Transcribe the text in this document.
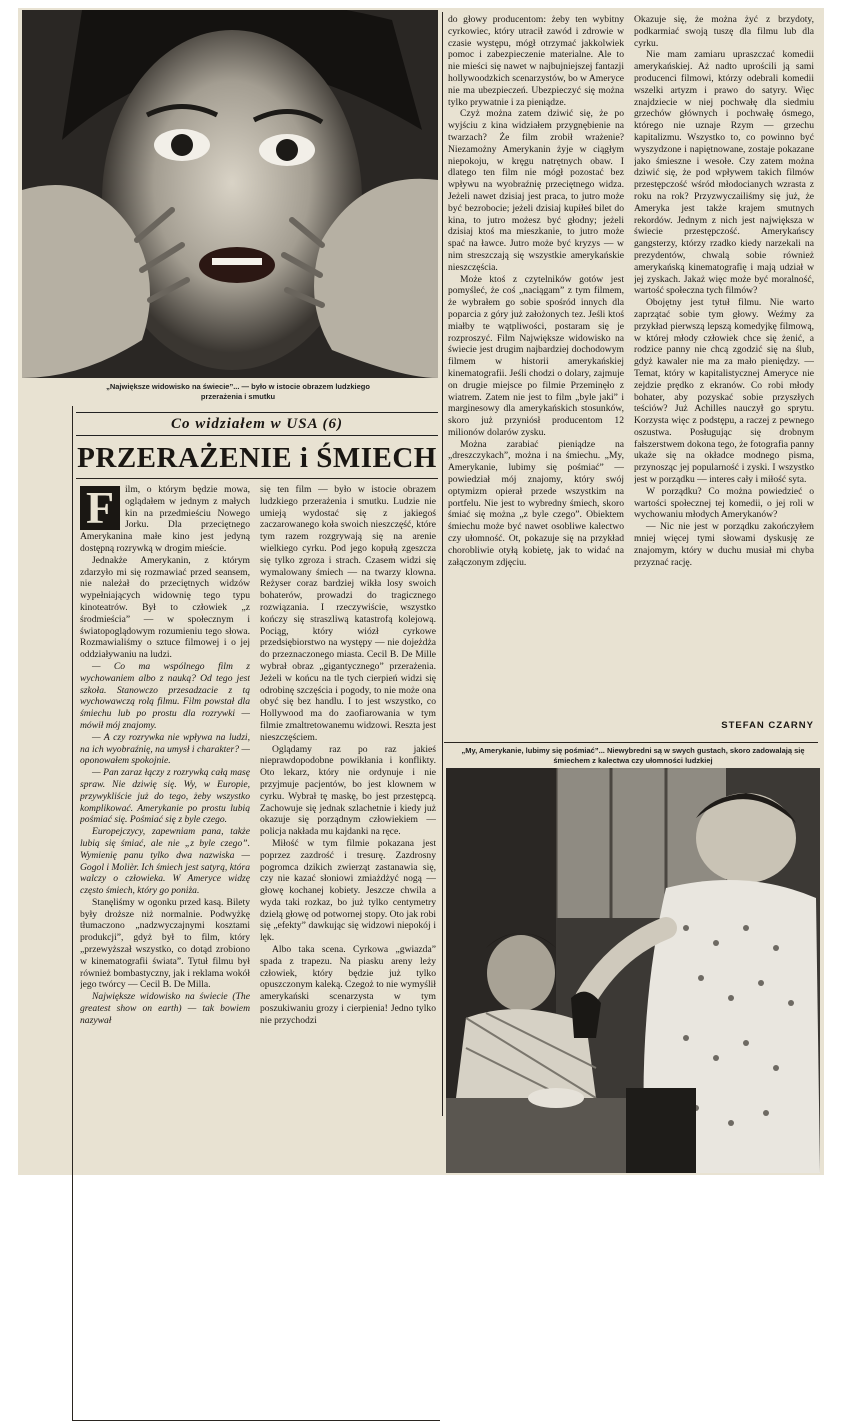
„Największe widowisko na świecie”... — było w istocie obrazem ludzkiego przerażenia i smutku
Co widziałem w USA (6)
PRZERAŻENIE i ŚMIECH
F	ilm, o którym będzie mowa, oglądałem w jednym z małych kin na przedmieściu Nowego Jorku. Dla przeciętnego Amerykanina małe kino jest jedyną dostępną rozrywką w drogim mieście.

Jednakże Amerykanin, z którym zdarzyło mi się rozmawiać przed seansem, nie należał do przeciętnych widzów wypełniających widownię tego typu kinoteatrów. Był to człowiek „z środmieścia” — w społecznym i światopoglądowym rozumieniu tego słowa. Rozmawialiśmy o sztuce filmowej i o jej oddziaływaniu na ludzi.

— Co ma wspólnego film z wychowaniem albo z nauką? Od tego jest szkoła. Stanowczo przesadzacie z tą wychowawczą rolą filmu. Film powstał dla śmiechu lub po prostu dla rozrywki — mówił mój znajomy.

— A czy rozrywka nie wpływa na ludzi, na ich wyobraźnię, na umysł i charakter? — oponowałem spokojnie.

— Pan zaraz łączy z rozrywką całą masę spraw. Nie dziwię się. Wy, w Europie, przywykliście już do tego, żeby wszystko komplikować. Amerykanie po prostu lubią pośmiać się. Pośmiać się z byle czego.

Europejczycy, zapewniam pana, także lubią się śmiać, ale nie „z byle czego”. Wymienię panu tylko dwa nazwiska — Gogol i Molièr. Ich śmiech jest satyrą, która walczy o człowieka. W Ameryce widzę często śmiech, który go poniża.

Stanęliśmy w ogonku przed kasą. Bilety były droższe niż normalnie. Podwyżkę tłumaczono „nadzwyczajnymi kosztami produkcji”, gdyż był to film, który „przewyższał wszystko, co dotąd zrobiono w kinematografii świata”. Tytuł filmu był również bombastyczny, jak i reklama wokół jego twórcy — Cecil B. De Milla.

Największe widowisko na świecie (The greatest show on earth) — tak bowiem nazywał

się ten film — było w istocie obrazem ludzkiego przerażenia i smutku. Ludzie nie umieją wydostać się z jakiegoś zaczarowanego koła swoich nieszczęść, które tym razem rozgrywają się na arenie wielkiego cyrku. Pod jego kopułą zgeszcza się tylko zgroza i strach. Czasem widzi się wymalowany śmiech — na twarzy klowna. Reżyser coraz bardziej wikła losy swoich bohaterów, prowadzi do tragicznego rozwiązania. I rzeczywiście, wszystko kończy się straszliwą katastrofą kolejową. Pociąg, który wiózł cyrkowe przedsiębiorstwo na występy — nie dojeżdża do przeznaczonego miasta. Cecil B. De Mille wybrał obraz „gigantycznego” przerażenia. Jeżeli w końcu na tle tych cierpień widzi się odrobinę szczęścia i pogody, to nie może ona obyć się bez handlu. I to jest wszystko, co Hollywood ma do zaofiarowania w tym filmie zmaltretowanemu widzowi. Reszta jest nieszczęściem.

Oglądamy raz po raz jakieś nieprawdopodobne powikłania i konflikty. Oto lekarz, który nie ordynuje i nie przyjmuje pacjentów, bo jest klownem w cyrku. Wybrał tę maskę, bo jest przestępcą. Zachowuje się jednak szlachetnie i kiedy już okazuje się porządnym człowiekiem — policja nakłada mu kajdanki na ręce.

Miłość w tym filmie pokazana jest poprzez zazdrość i tresurę. Zazdrosny pogromca dzikich zwierząt zastanawia się, czy nie kazać słoniowi zmiażdżyć nogą — głowę kochanej kobiety. Jeszcze chwila a wyda taki rozkaz, bo już tylko centymetry dzielą głowę od potwornej stopy. Oto jak robi się „efekty” dawkując się widzowi niepokój i lęk.

Albo taka scena. Cyrkowa „gwiazda” spada z trapezu. Na piasku areny leży człowiek, który będzie już tylko opuszczonym kaleką. Czegoż to nie wymyślił amerykański scenarzysta w tym poszukiwaniu grozy i cierpienia! Jedno tylko nie przychodzi

do głowy producentom: żeby ten wybitny cyrkowiec, który utracił zawód i zdrowie w czasie występu, mógł otrzymać jakkolwiek pomoc i zabezpieczenie materialne. Ale to nie mieści się nawet w najbujniejszej fantazji hollywoodzkich scenarzystów, bo w Ameryce nie ma ubezpieczeń. Ubezpieczyć się można tylko prywatnie i za pieniądze.

Czyż można zatem dziwić się, że po wyjściu z kina widziałem przygnębienie na twarzach? Że film zrobił wrażenie? Niezamożny Amerykanin żyje w ciągłym niepokoju, w kręgu natrętnych obaw. I dlatego ten film nie mógł pozostać bez wpływu na wyobraźnię przeciętnego widza. Jeżeli nawet dzisiaj jest praca, to jutro może być bezrobocie; jeżeli dzisiaj kupiłeś bilet do kina, to jutro możesz być głodny; jeżeli dzisiaj ktoś ma mieszkanie, to jutro może spać na ławce. Jutro może być kryzys — w nim streszczają się wszystkie amerykańskie nieszczęścia.

Może ktoś z czytelników gotów jest pomyśleć, że coś „naciągam” z tym filmem, że wybrałem go sobie spośród innych dla poparcia z góry już założonych tez. Jeśli ktoś miałby te wątpliwości, postaram się je rozproszyć. Film Największe widowisko na świecie jest drugim najbardziej dochodowym filmem w historii amerykańskiej kinematografii. Jeśli chodzi o dolary, zajmuje on drugie miejsce po filmie Przeminęło z wiatrem. Zatem nie jest to film „byle jaki” i marginesowy dla amerykańskich stosunków, skoro już przyniósł producentom 12 milionów dolarów zysku.

Można zarabiać pieniądze na „dreszczykach”, można i na śmiechu. „My, Amerykanie, lubimy się pośmiać” — powiedział mój znajomy, który swój optymizm opierał przede wszystkim na portfelu. Nie jest to wybredny śmiech, skoro śmiać się można „z byle czego”. Obiektem śmiechu może być nawet osobliwe kalectwo czy ułomność. Ot, pokazuje się na przykład chorobliwie otyłą kobietę, jak to widać na załączonym zdjęciu.

Okazuje się, że można żyć z brzydoty, podkarmiać swoją tuszę dla filmu lub dla cyrku.

Nie mam zamiaru upraszczać komedii amerykańskiej. Aż nadto uprościli ją sami producenci filmowi, którzy odebrali komedii wszelki artyzm i prawo do satyry. Więc znajdziecie w niej pochwałę dla siedmiu grzechów głównych i pochwałę ósmego, którego nie uznaje Rzym — grzechu kapitalizmu. Wszystko to, co powinno być wyszydzone i napiętnowane, zostaje pokazane jako śmieszne i wesołe. Czy zatem można dziwić się, że pod wpływem takich filmów przestępczość wśród młodocianych wzrasta z roku na rok? Przyzwyczailiśmy się już, że Ameryka jest także krajem smutnych rekordów. Jednym z nich jest największa w świecie przestępczość. Amerykańscy gangsterzy, którzy rzadko kiedy narzekali na prezydentów, chwalą sobie również amerykańską kinematografię i mają udział w jej zyskach. Jakaż więc może być moralność, wartość społeczna tych filmów?

Obojętny jest tytuł filmu. Nie warto zaprzątać sobie tym głowy. Weźmy za przykład pierwszą lepszą komedyjkę filmową, w której młody człowiek chce się żenić, a rodzice panny nie chcą zgodzić się na ślub, gdyż kawaler nie ma za mało pieniędzy. — Temat, który w kapitalistycznej Ameryce nie zejdzie prędko z ekranów. Co robi młody bohater, aby pozyskać sobie przyszłych teściów? Już Achilles nauczył go sprytu. Korzysta więc z podstępu, a raczej z pewnego oszustwa. Posługując się drobnym fałszerstwem dokona tego, że fotografia panny ukaże się na okładce modnego pisma, przynosząc jej popularność i zyski. I wszystko jest w porządku — interes cały i miłość syta.

W porządku? Co można powiedzieć o wartości społecznej tej komedii, o jej roli w wychowaniu młodych Amerykanów?

— Nic nie jest w porządku zakończyłem mniej więcej tymi słowami dyskusję ze znajomym, który w duchu musiał mi chyba przyznać rację.

STEFAN CZARNY
„My, Amerykanie, lubimy się pośmiać”... Niewybredni są w swych gustach, skoro zadowalają się śmiechem z kalectwa czy ułomności ludzkiej
